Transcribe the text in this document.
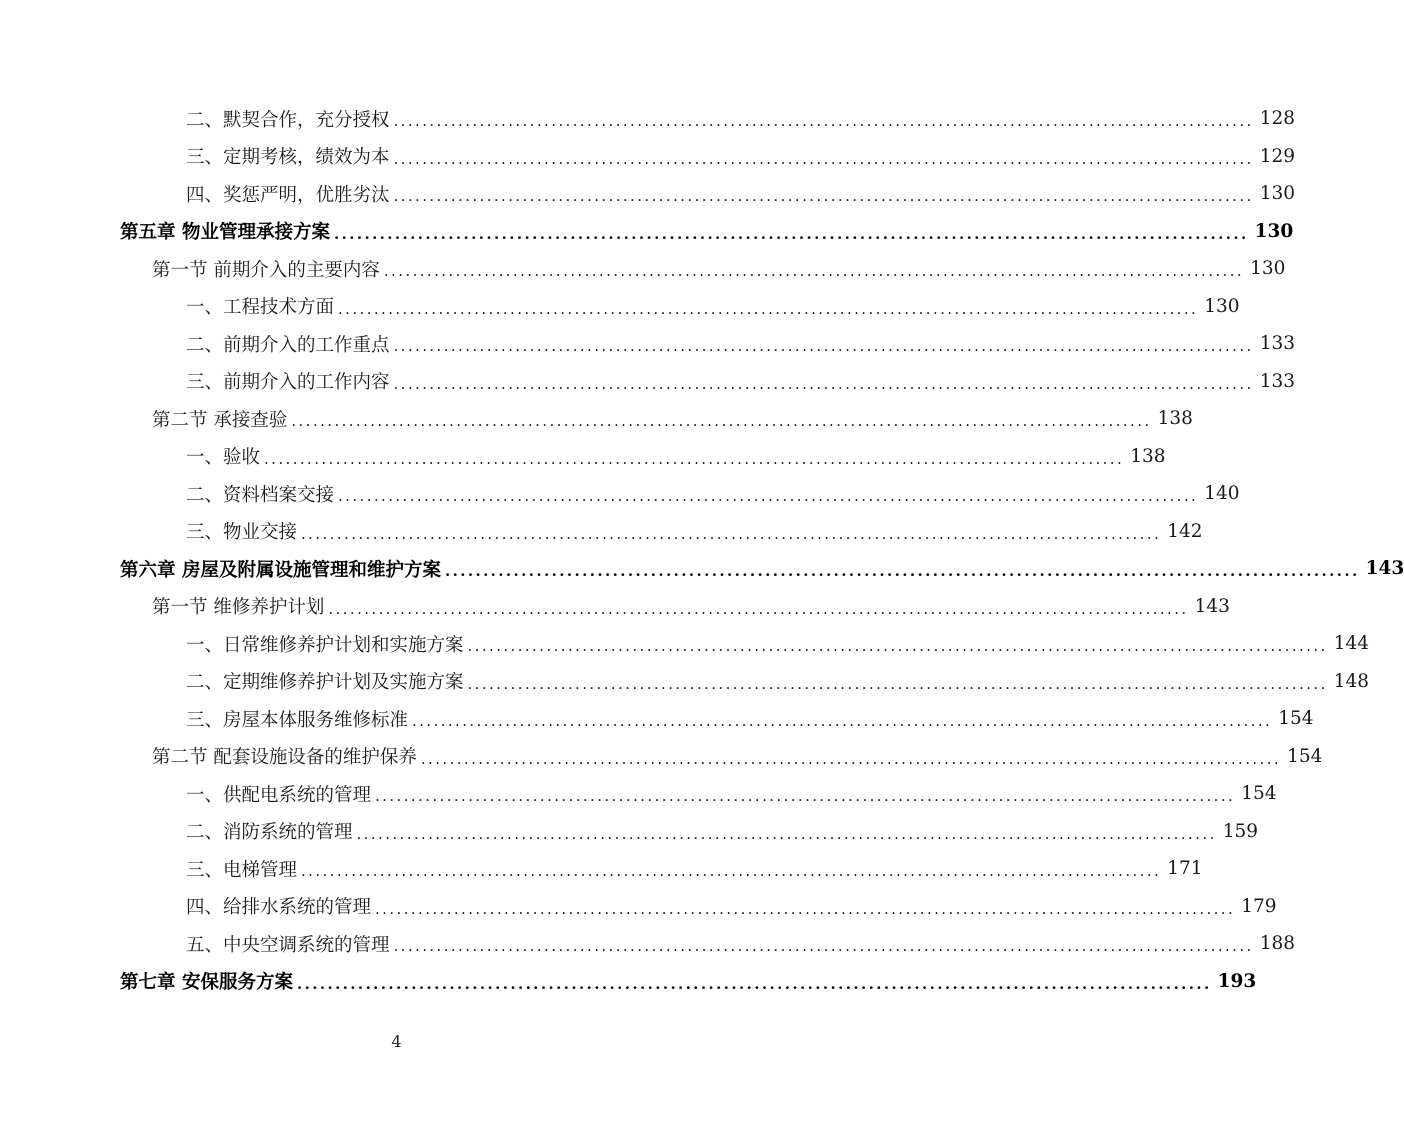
二、默契合作，充分授权 ........................................................................................................................ 128
三、定期考核，绩效为本 ........................................................................................................................ 129
四、奖惩严明，优胜劣汰 ........................................................................................................................ 130
第五章 物业管理承接方案 ........................................................................................................................ 130
第一节 前期介入的主要内容 ........................................................................................................................ 130
一、工程技术方面 ........................................................................................................................ 130
二、前期介入的工作重点 ........................................................................................................................ 133
三、前期介入的工作内容 ........................................................................................................................ 133
第二节 承接查验 ........................................................................................................................ 138
一、验收 ........................................................................................................................ 138
二、资料档案交接 ........................................................................................................................ 140
三、物业交接 ........................................................................................................................ 142
第六章 房屋及附属设施管理和维护方案 ........................................................................................................................ 143
第一节 维修养护计划 ........................................................................................................................ 143
一、日常维修养护计划和实施方案 ........................................................................................................................ 144
二、定期维修养护计划及实施方案 ........................................................................................................................ 148
三、房屋本体服务维修标准 ........................................................................................................................ 154
第二节 配套设施设备的维护保养 ........................................................................................................................ 154
一、供配电系统的管理 ........................................................................................................................ 154
二、消防系统的管理 ........................................................................................................................ 159
三、电梯管理 ........................................................................................................................ 171
四、给排水系统的管理 ........................................................................................................................ 179
五、中央空调系统的管理 ........................................................................................................................ 188
第七章 安保服务方案 ........................................................................................................................ 193
4
